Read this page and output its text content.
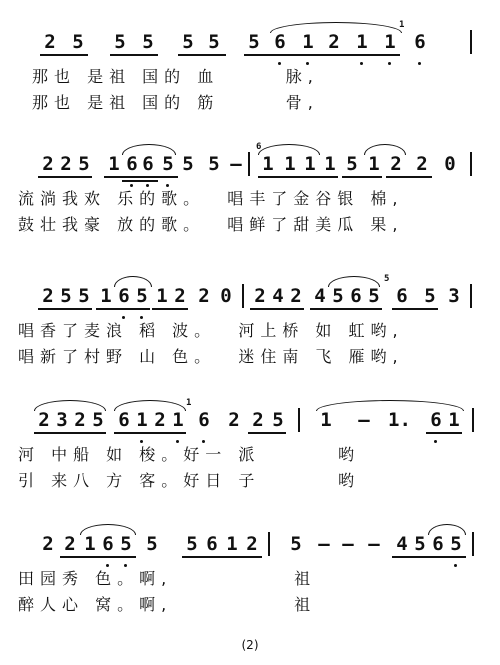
2 5 5 5 5 5 5 6 1 2 1 1
1
6
那也 是祖 国的 血      脉,
那也 是祖 国的 筋      骨,
2 2 5 1 6 6 5 5 5 –
6
1 1 1 1 5 1 2 2 0
流淌我欢 乐的歌。  唱丰了金谷银 棉,
鼓壮我豪 放的歌。  唱鲜了甜美瓜 果,
2 5 5 1 6 5 1 2 2 0 2 4 2 4 5 6 5
5
6 5 3
唱香了麦浪 稻 波。  河上桥 如 虹哟,
唱新了村野 山 色。  迷住南 飞 雁哟,
2 3 2 5 6 1 2 1
1
6 2 2 5 1 – 1. 6 1
河 中船 如 梭。好一 派       哟
引 来八 方 客。好日 子       哟
2 2 1 6 5 5 5 6 1 2 5 – – – 4 5 6 5
田园秀 色。啊,           祖
醉人心 窝。啊,           祖
(2)
